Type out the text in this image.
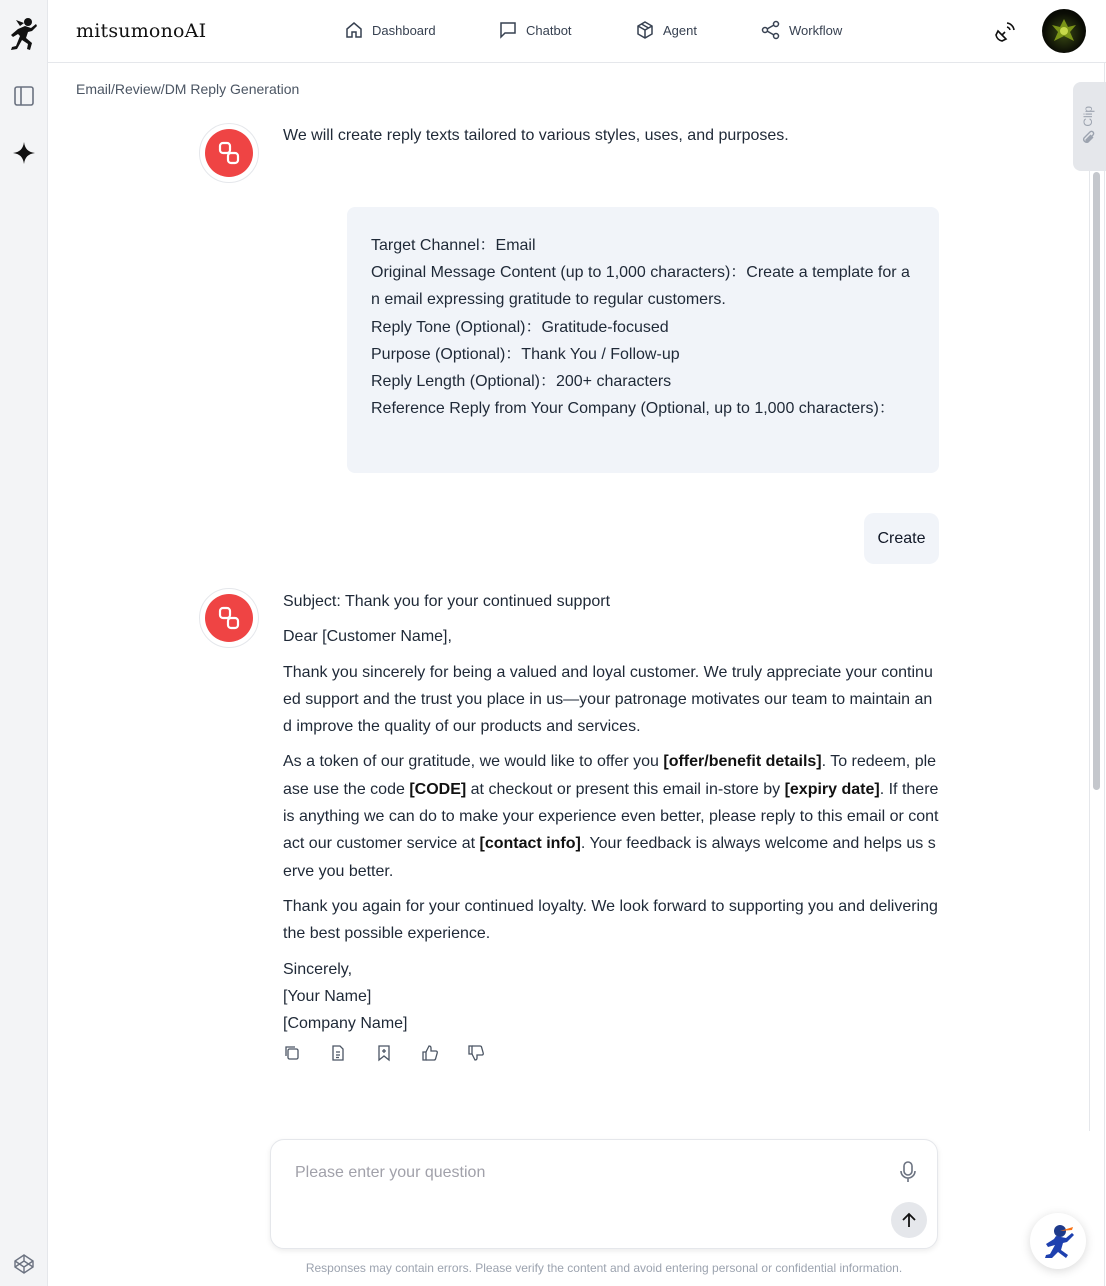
mitsumonoAI	Dashboard	Chatbot	Agent	Workflow
Email/Review/DM Reply Generation
Clip
We will create reply texts tailored to various styles, uses, and purposes.
Target Channel：Email
Original Message Content (up to 1,000 characters)：Create a template for an email expressing gratitude to regular customers.
Reply Tone (Optional)：Gratitude-focused
Purpose (Optional)：Thank You / Follow-up
Reply Length (Optional)：200+ characters
Reference Reply from Your Company (Optional, up to 1,000 characters)：
Create

Subject: Thank you for your continued support

Dear [Customer Name],

Thank you sincerely for being a valued and loyal customer. We truly appreciate your continued support and the trust you place in us—your patronage motivates our team to maintain and improve the quality of our products and services.

As a token of our gratitude, we would like to offer you [offer/benefit details]. To redeem, please use the code [CODE] at checkout or present this email in-store by [expiry date]. If there is anything we can do to make your experience even better, please reply to this email or contact our customer service at [contact info]. Your feedback is always welcome and helps us serve you better.

Thank you again for your continued loyalty. We look forward to supporting you and delivering the best possible experience.

Sincerely,
[Your Name]
[Company Name]
Please enter your question
Responses may contain errors. Please verify the content and avoid entering personal or confidential information.
